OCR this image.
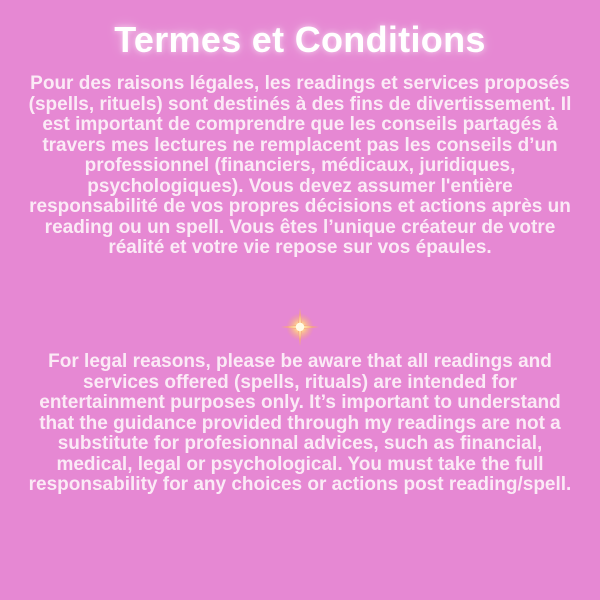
Termes et Conditions

Pour des raisons légales, les readings et services proposés (spells, rituels) sont destinés à des fins de divertissement. Il est important de comprendre que les conseils partagés à travers mes lectures ne remplacent pas les conseils d’un professionnel (financiers, médicaux, juridiques, psychologiques). Vous devez assumer l'entière responsabilité de vos propres décisions et actions après un reading ou un spell. Vous êtes l’unique créateur de votre réalité et votre vie repose sur vos épaules.

For legal reasons, please be aware that all readings and services offered (spells, rituals) are intended for entertainment purposes only. It’s important to understand that the guidance provided through my readings are not a substitute for profesionnal advices, such as financial, medical, legal or psychological. You must take the full responsability for any choices or actions post reading/spell.
